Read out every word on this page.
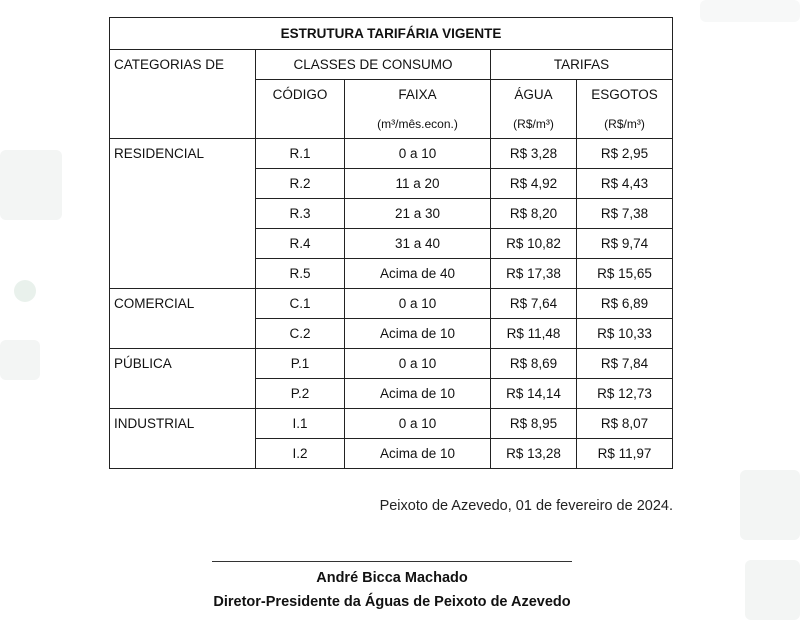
ESTRUTURA TARIFÁRIA VIGENTE				
CATEGORIAS DE	CLASSES DE CONSUMO		TARIFAS	
	CÓDIGO	FAIXA	ÁGUA	ESGOTOS
		(m³/mês.econ.)	(R$/m³)	(R$/m³)
RESIDENCIAL	R.1	0 a 10	R$ 3,28	R$ 2,95
	R.2	11 a 20	R$ 4,92	R$ 4,43
	R.3	21 a 30	R$ 8,20	R$ 7,38
	R.4	31 a 40	R$ 10,82	R$ 9,74
	R.5	Acima de 40	R$ 17,38	R$ 15,65
COMERCIAL	C.1	0 a 10	R$ 7,64	R$ 6,89
	C.2	Acima de 10	R$ 11,48	R$ 10,33
PÚBLICA	P.1	0 a 10	R$ 8,69	R$ 7,84
	P.2	Acima de 10	R$ 14,14	R$ 12,73
INDUSTRIAL	I.1	0 a 10	R$ 8,95	R$ 8,07
	I.2	Acima de 10	R$ 13,28	R$ 11,97
Peixoto de Azevedo, 01 de fevereiro de 2024.
André Bicca Machado
Diretor-Presidente da Águas de Peixoto de Azevedo
